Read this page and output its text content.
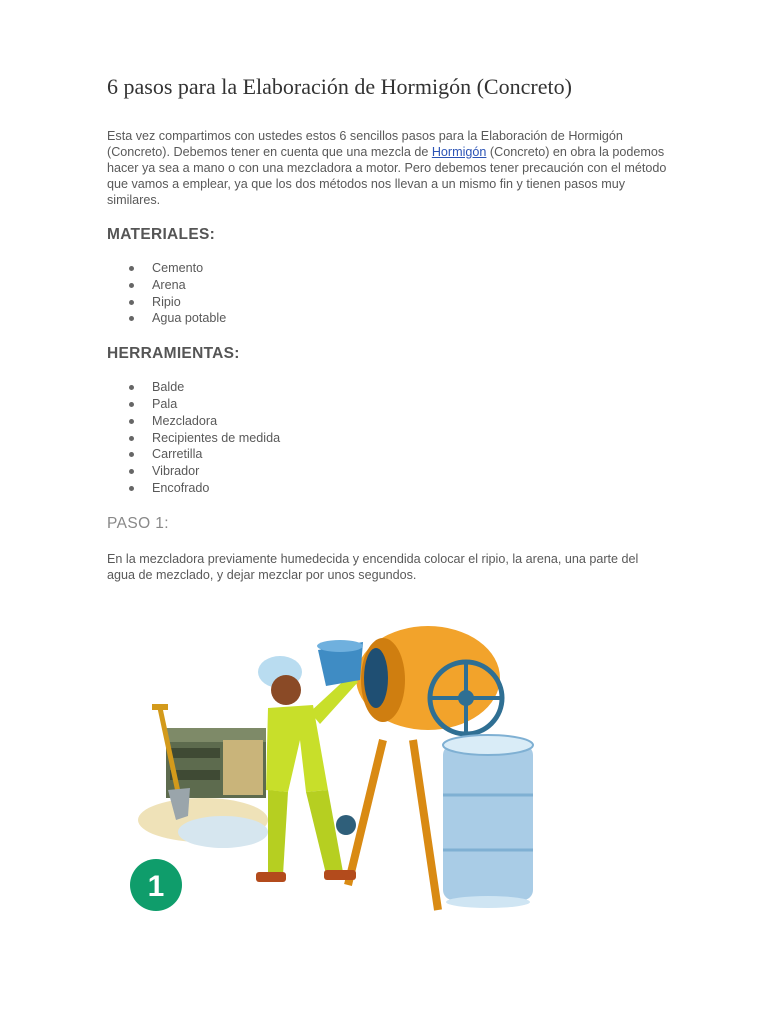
6 pasos para la Elaboración de Hormigón (Concreto)

Esta vez compartimos con ustedes estos 6 sencillos pasos para la Elaboración de Hormigón (Concreto). Debemos tener en cuenta que una mezcla de Hormigón (Concreto) en obra la podemos hacer ya sea a mano o con una mezcladora a motor. Pero debemos tener precaución con el método que vamos a emplear, ya que los dos métodos nos llevan a un mismo fin y tienen pasos muy similares.

MATERIALES:
Cemento
Arena
Ripio
Agua potable
HERRAMIENTAS:
Balde
Pala
Mezcladora
Recipientes de medida
Carretilla
Vibrador
Encofrado
PASO 1:

En la mezcladora previamente humedecida y encendida colocar el ripio, la arena, una parte del agua de mezclado, y dejar mezclar por unos segundos.

1
